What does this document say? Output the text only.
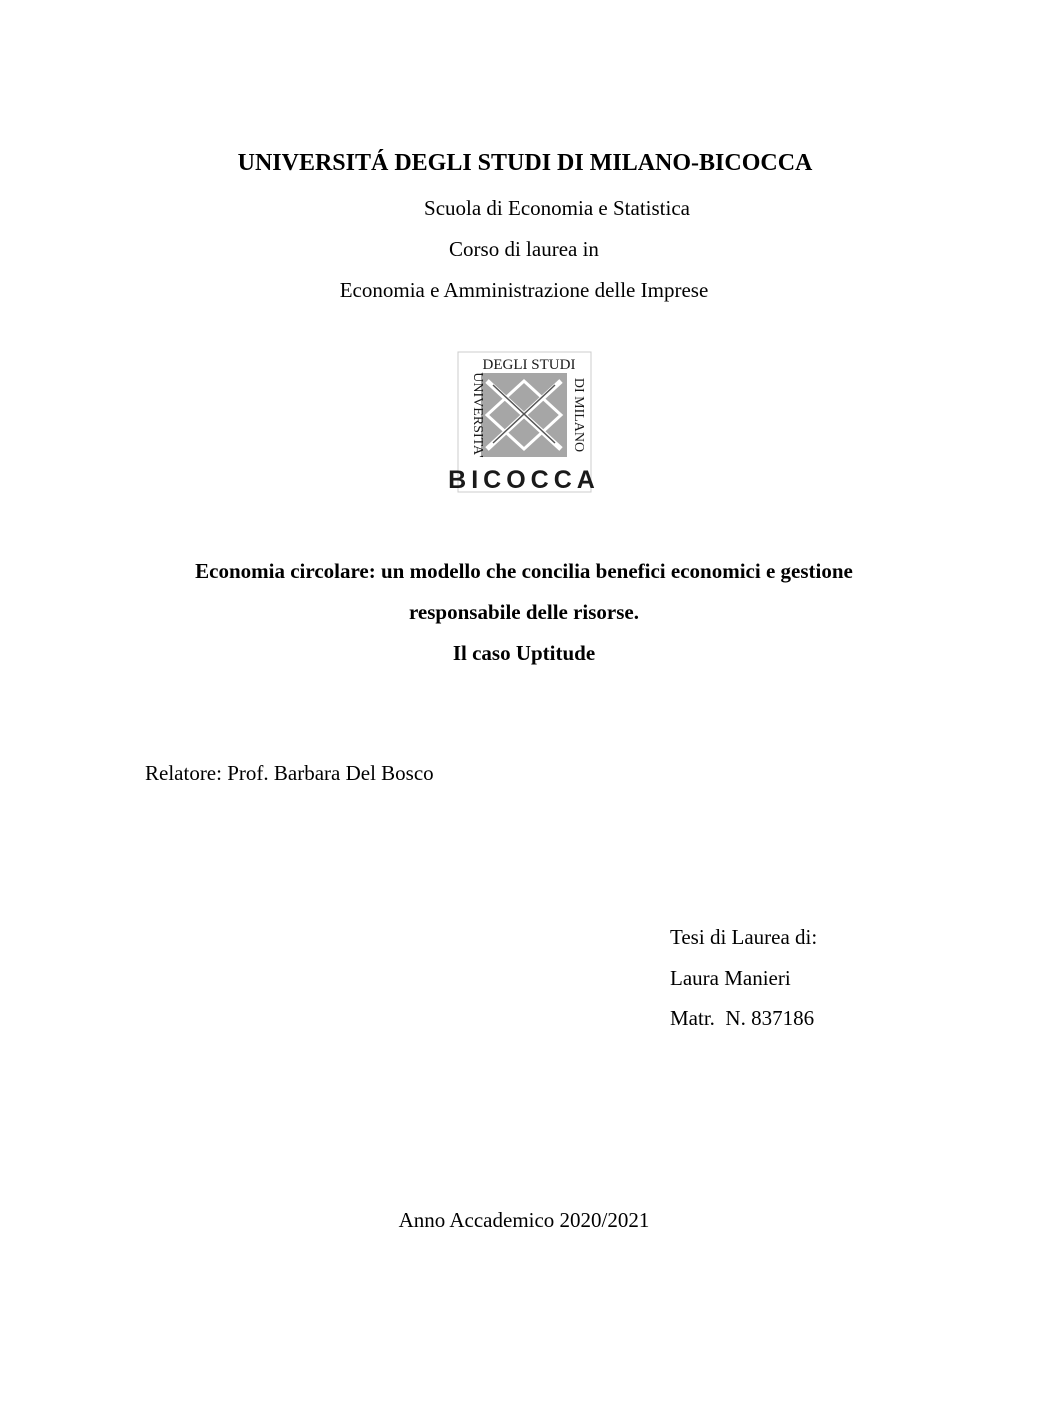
UNIVERSITÁ DEGLI STUDI DI MILANO-BICOCCA
Scuola di Economia e Statistica
Corso di laurea in
Economia e Amministrazione delle Imprese
DEGLI STUDI
UNIVERSITA'	DI MILANO
BICOCCA
Economia circolare: un modello che concilia benefici economici e gestione
responsabile delle risorse.
Il caso Uptitude
Relatore: Prof. Barbara Del Bosco
Tesi di Laurea di:
Laura Manieri
Matr.  N. 837186
Anno Accademico 2020/2021
